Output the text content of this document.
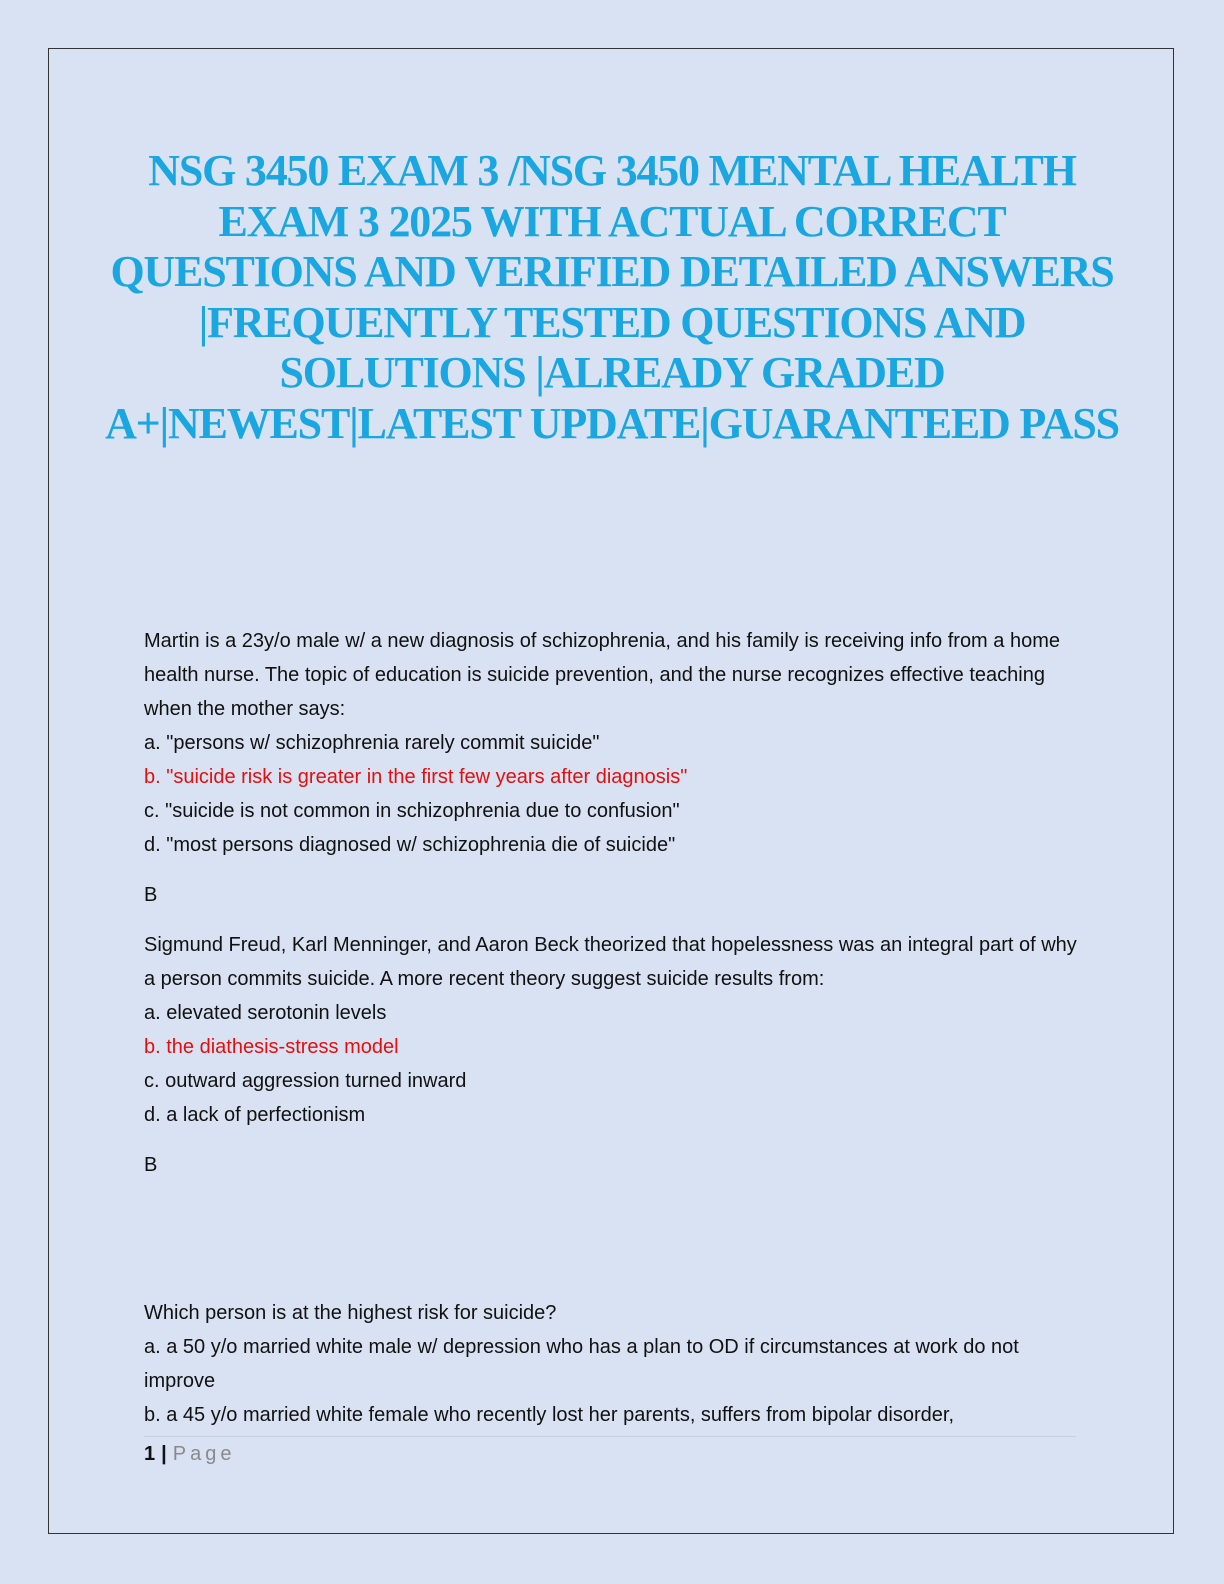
NSG 3450 EXAM 3 /NSG 3450 MENTAL HEALTH EXAM 3 2025 WITH ACTUAL CORRECT QUESTIONS AND VERIFIED DETAILED ANSWERS |FREQUENTLY TESTED QUESTIONS AND SOLUTIONS |ALREADY GRADED A+|NEWEST|LATEST UPDATE|GUARANTEED PASS

Martin is a 23y/o male w/ a new diagnosis of schizophrenia, and his family is receiving info from a home health nurse. The topic of education is suicide prevention, and the nurse recognizes effective teaching when the mother says:

a. "persons w/ schizophrenia rarely commit suicide"

b. "suicide risk is greater in the first few years after diagnosis"

c. "suicide is not common in schizophrenia due to confusion"

d. "most persons diagnosed w/ schizophrenia die of suicide"

B

Sigmund Freud, Karl Menninger, and Aaron Beck theorized that hopelessness was an integral part of why a person commits suicide. A more recent theory suggest suicide results from:

a. elevated serotonin levels

b. the diathesis-stress model

c. outward aggression turned inward

d. a lack of perfectionism

B

Which person is at the highest risk for suicide?

a. a 50 y/o married white male w/ depression who has a plan to OD if circumstances at work do not improve

b. a 45 y/o married white female who recently lost her parents, suffers from bipolar disorder,

1 | Page
